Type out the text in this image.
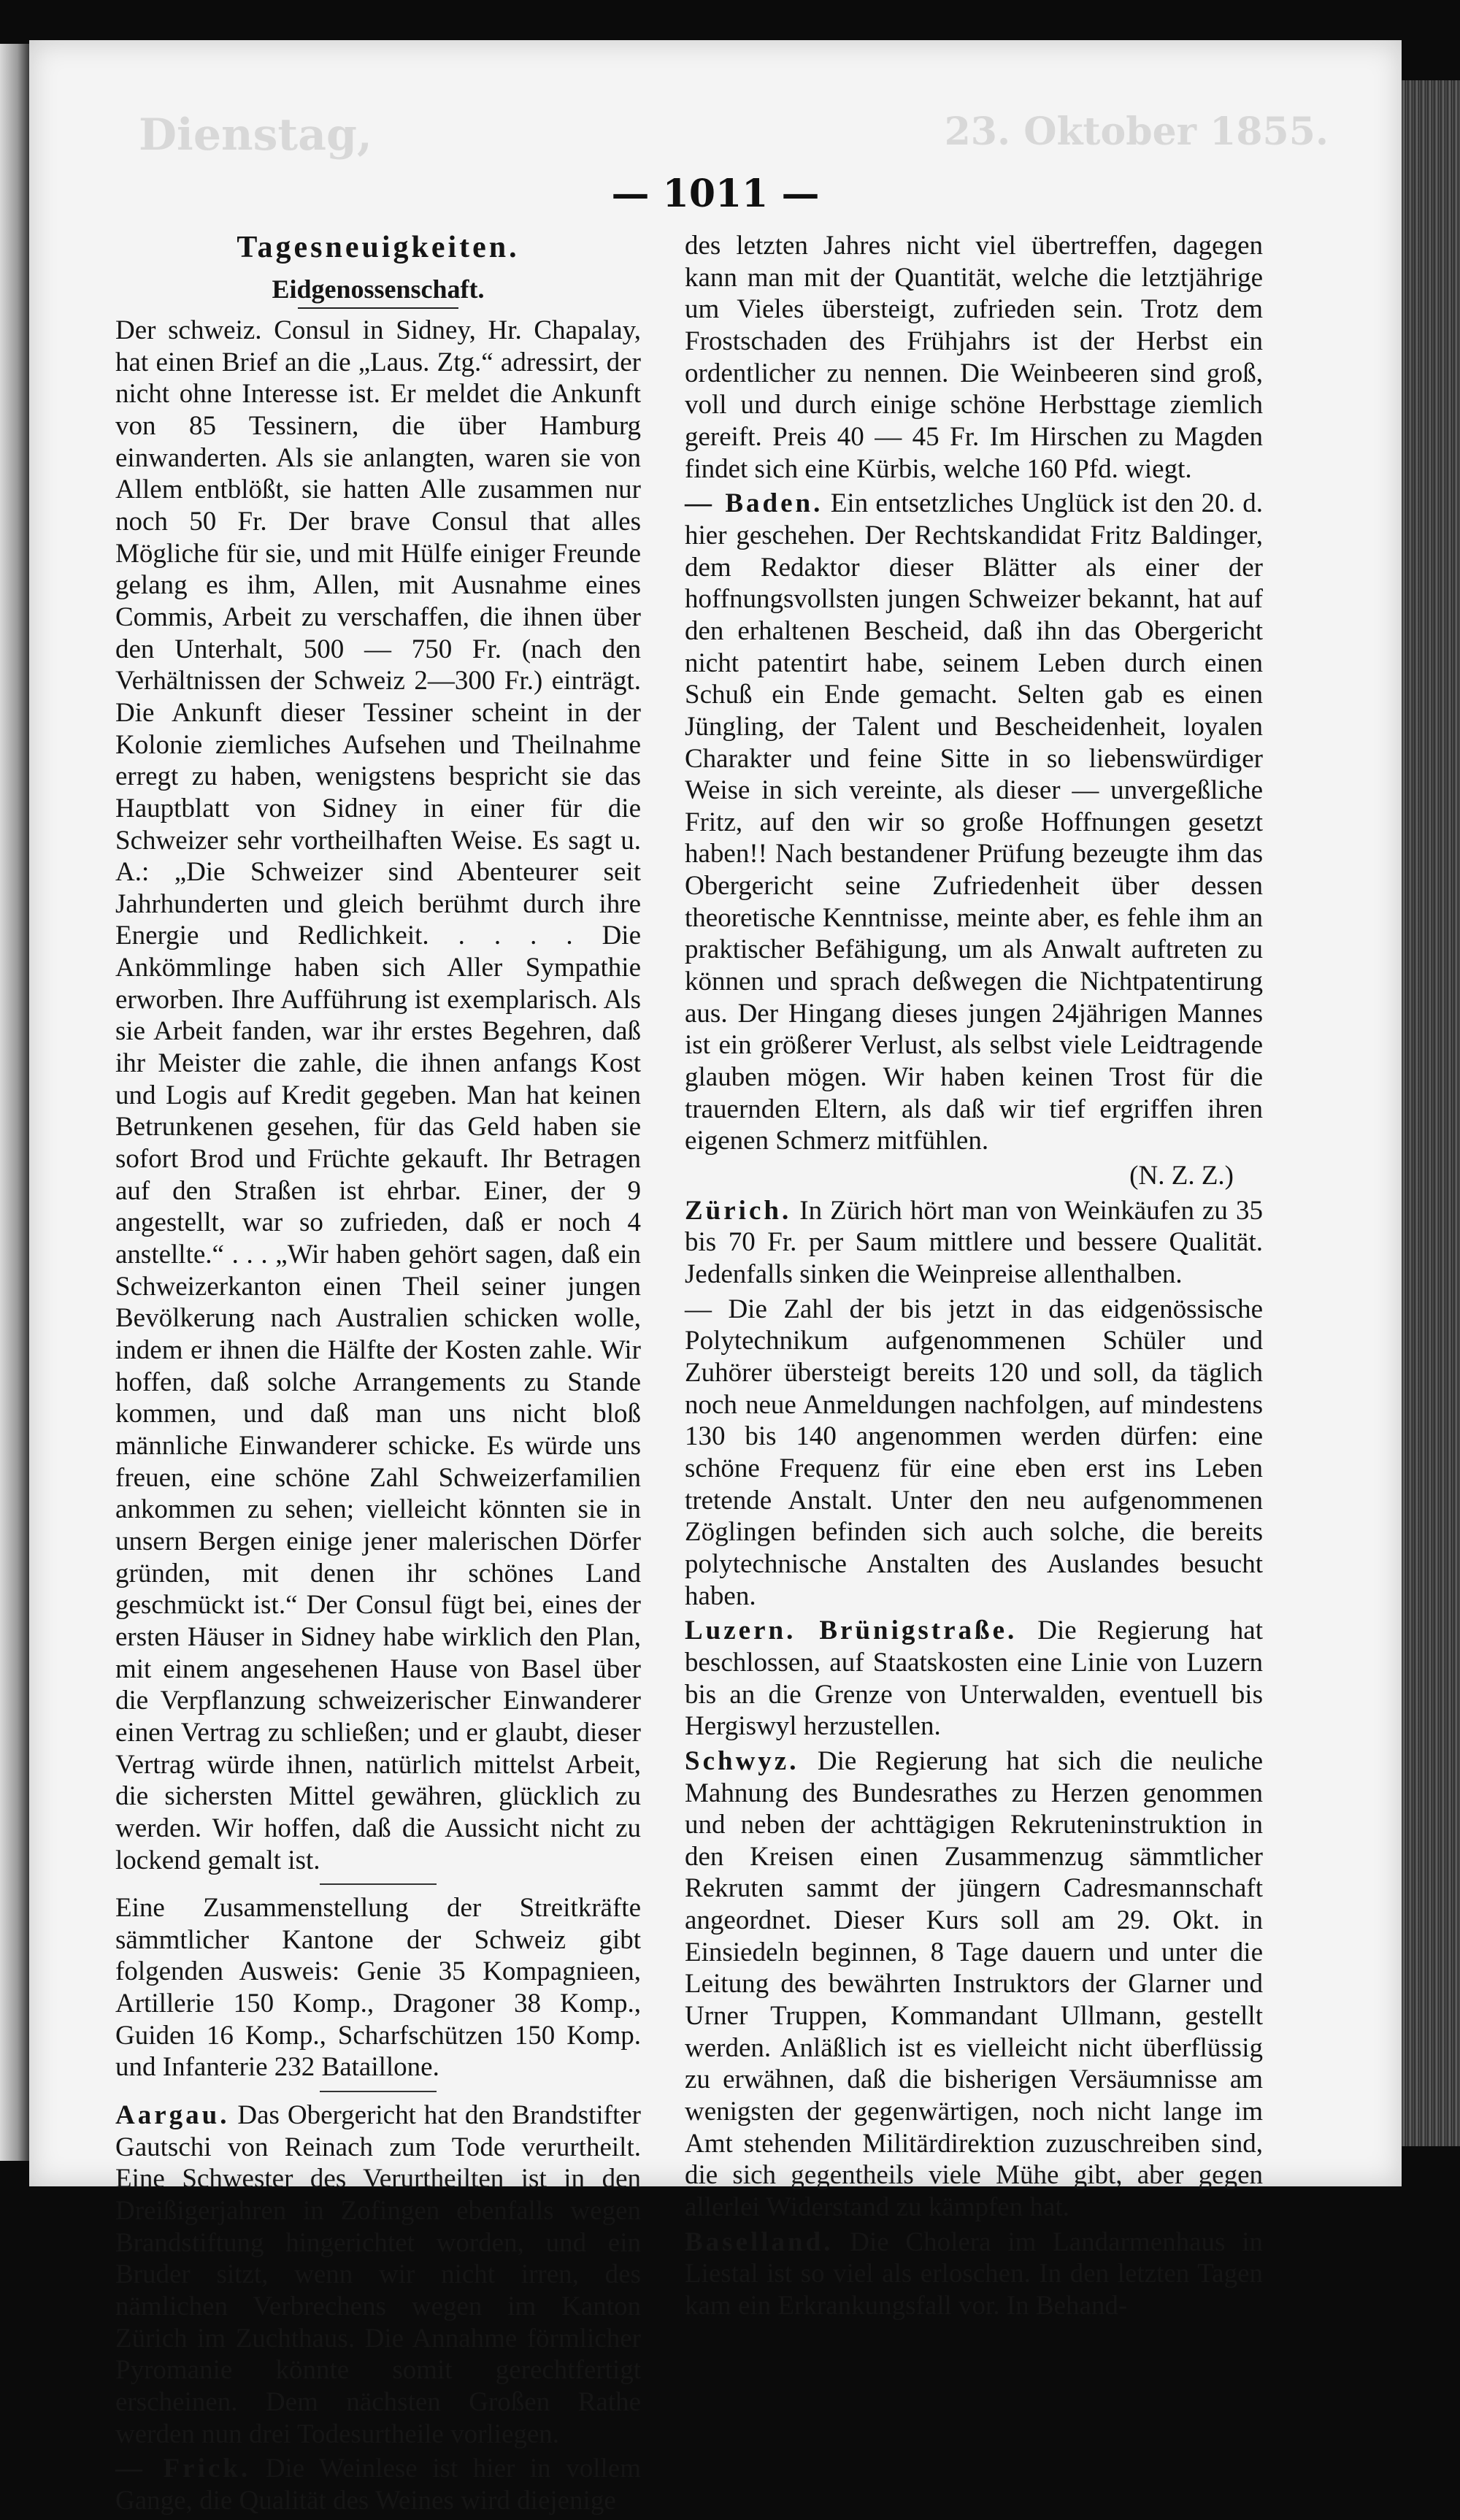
Dienstag,	23. Oktober 1855.
— 1011 —
Tagesneuigkeiten.
Eidgenossenschaft.

Der schweiz. Consul in Sidney, Hr. Chapalay, hat einen Brief an die „Laus. Ztg.“ adressirt, der nicht ohne Interesse ist. Er meldet die Ankunft von 85 Tessinern, die über Hamburg einwanderten. Als sie anlangten, waren sie von Allem entblößt, sie hatten Alle zusammen nur noch 50 Fr. Der brave Consul that alles Mögliche für sie, und mit Hülfe einiger Freunde gelang es ihm, Allen, mit Ausnahme eines Commis, Arbeit zu verschaffen, die ihnen über den Unterhalt, 500 — 750 Fr. (nach den Verhältnissen der Schweiz 2—300 Fr.) einträgt. Die Ankunft dieser Tessiner scheint in der Kolonie ziemliches Aufsehen und Theilnahme erregt zu haben, wenigstens bespricht sie das Hauptblatt von Sidney in einer für die Schweizer sehr vortheilhaften Weise. Es sagt u. A.: „Die Schweizer sind Abenteurer seit Jahrhunderten und gleich berühmt durch ihre Energie und Redlichkeit. . . . . Die Ankömmlinge haben sich Aller Sympathie erworben. Ihre Aufführung ist exemplarisch. Als sie Arbeit fanden, war ihr erstes Begehren, daß ihr Meister die zahle, die ihnen anfangs Kost und Logis auf Kredit gegeben. Man hat keinen Betrunkenen gesehen, für das Geld haben sie sofort Brod und Früchte gekauft. Ihr Betragen auf den Straßen ist ehrbar. Einer, der 9 angestellt, war so zufrieden, daß er noch 4 anstellte.“ . . . „Wir haben gehört sagen, daß ein Schweizerkanton einen Theil seiner jungen Bevölkerung nach Australien schicken wolle, indem er ihnen die Hälfte der Kosten zahle. Wir hoffen, daß solche Arrangements zu Stande kommen, und daß man uns nicht bloß männliche Einwanderer schicke. Es würde uns freuen, eine schöne Zahl Schweizerfamilien ankommen zu sehen; vielleicht könnten sie in unsern Bergen einige jener malerischen Dörfer gründen, mit denen ihr schönes Land geschmückt ist.“ Der Consul fügt bei, eines der ersten Häuser in Sidney habe wirklich den Plan, mit einem angesehenen Hause von Basel über die Verpflanzung schweizerischer Einwanderer einen Vertrag zu schließen; und er glaubt, dieser Vertrag würde ihnen, natürlich mittelst Arbeit, die sichersten Mittel gewähren, glücklich zu werden. Wir hoffen, daß die Aussicht nicht zu lockend gemalt ist.

Eine Zusammenstellung der Streitkräfte sämmtlicher Kantone der Schweiz gibt folgenden Ausweis: Genie 35 Kompagnieen, Artillerie 150 Komp., Dragoner 38 Komp., Guiden 16 Komp., Scharfschützen 150 Komp. und Infanterie 232 Bataillone.

Aargau. Das Obergericht hat den Brandstifter Gautschi von Reinach zum Tode verurtheilt. Eine Schwester des Verurtheilten ist in den Dreißigerjahren in Zofingen ebenfalls wegen Brandstiftung hingerichtet worden, und ein Bruder sitzt, wenn wir nicht irren, des nämlichen Verbrechens wegen im Kanton Zürich im Zuchthaus. Die Annahme förmlicher Pyromanie könnte somit gerechtfertigt erscheinen. Dem nächsten Großen Rathe werden nun drei Todesurtheile vorliegen.

— Frick. Die Weinlese ist hier in vollem Gange, die Qualität des Weines wird diejenige

des letzten Jahres nicht viel übertreffen, dagegen kann man mit der Quantität, welche die letztjährige um Vieles übersteigt, zufrieden sein. Trotz dem Frostschaden des Frühjahrs ist der Herbst ein ordentlicher zu nennen. Die Weinbeeren sind groß, voll und durch einige schöne Herbsttage ziemlich gereift. Preis 40 — 45 Fr. Im Hirschen zu Magden findet sich eine Kürbis, welche 160 Pfd. wiegt.

— Baden. Ein entsetzliches Unglück ist den 20. d. hier geschehen. Der Rechtskandidat Fritz Baldinger, dem Redaktor dieser Blätter als einer der hoffnungsvollsten jungen Schweizer bekannt, hat auf den erhaltenen Bescheid, daß ihn das Obergericht nicht patentirt habe, seinem Leben durch einen Schuß ein Ende gemacht. Selten gab es einen Jüngling, der Talent und Bescheidenheit, loyalen Charakter und feine Sitte in so liebenswürdiger Weise in sich vereinte, als dieser — unvergeßliche Fritz, auf den wir so große Hoffnungen gesetzt haben!! Nach bestandener Prüfung bezeugte ihm das Obergericht seine Zufriedenheit über dessen theoretische Kenntnisse, meinte aber, es fehle ihm an praktischer Befähigung, um als Anwalt auftreten zu können und sprach deßwegen die Nichtpatentirung aus. Der Hingang dieses jungen 24jährigen Mannes ist ein größerer Verlust, als selbst viele Leidtragende glauben mögen. Wir haben keinen Trost für die trauernden Eltern, als daß wir tief ergriffen ihren eigenen Schmerz mitfühlen.

(N. Z. Z.)

Zürich. In Zürich hört man von Weinkäufen zu 35 bis 70 Fr. per Saum mittlere und bessere Qualität. Jedenfalls sinken die Weinpreise allenthalben.

— Die Zahl der bis jetzt in das eidgenössische Polytechnikum aufgenommenen Schüler und Zuhörer übersteigt bereits 120 und soll, da täglich noch neue Anmeldungen nachfolgen, auf mindestens 130 bis 140 angenommen werden dürfen: eine schöne Frequenz für eine eben erst ins Leben tretende Anstalt. Unter den neu aufgenommenen Zöglingen befinden sich auch solche, die bereits polytechnische Anstalten des Auslandes besucht haben.

Luzern. Brünigstraße. Die Regierung hat beschlossen, auf Staatskosten eine Linie von Luzern bis an die Grenze von Unterwalden, eventuell bis Hergiswyl herzustellen.

Schwyz. Die Regierung hat sich die neuliche Mahnung des Bundesrathes zu Herzen genommen und neben der achttägigen Rekruteninstruktion in den Kreisen einen Zusammenzug sämmtlicher Rekruten sammt der jüngern Cadresmannschaft angeordnet. Dieser Kurs soll am 29. Okt. in Einsiedeln beginnen, 8 Tage dauern und unter die Leitung des bewährten Instruktors der Glarner und Urner Truppen, Kommandant Ullmann, gestellt werden. Anläßlich ist es vielleicht nicht überflüssig zu erwähnen, daß die bisherigen Versäumnisse am wenigsten der gegenwärtigen, noch nicht lange im Amt stehenden Militärdirektion zuzuschreiben sind, die sich gegentheils viele Mühe gibt, aber gegen allerlei Widerstand zu kämpfen hat.

Baselland. Die Cholera im Landarmenhaus in Liestal ist so viel als erloschen. In den letzten Tagen kam ein Erkrankungsfall vor. In Behand-
